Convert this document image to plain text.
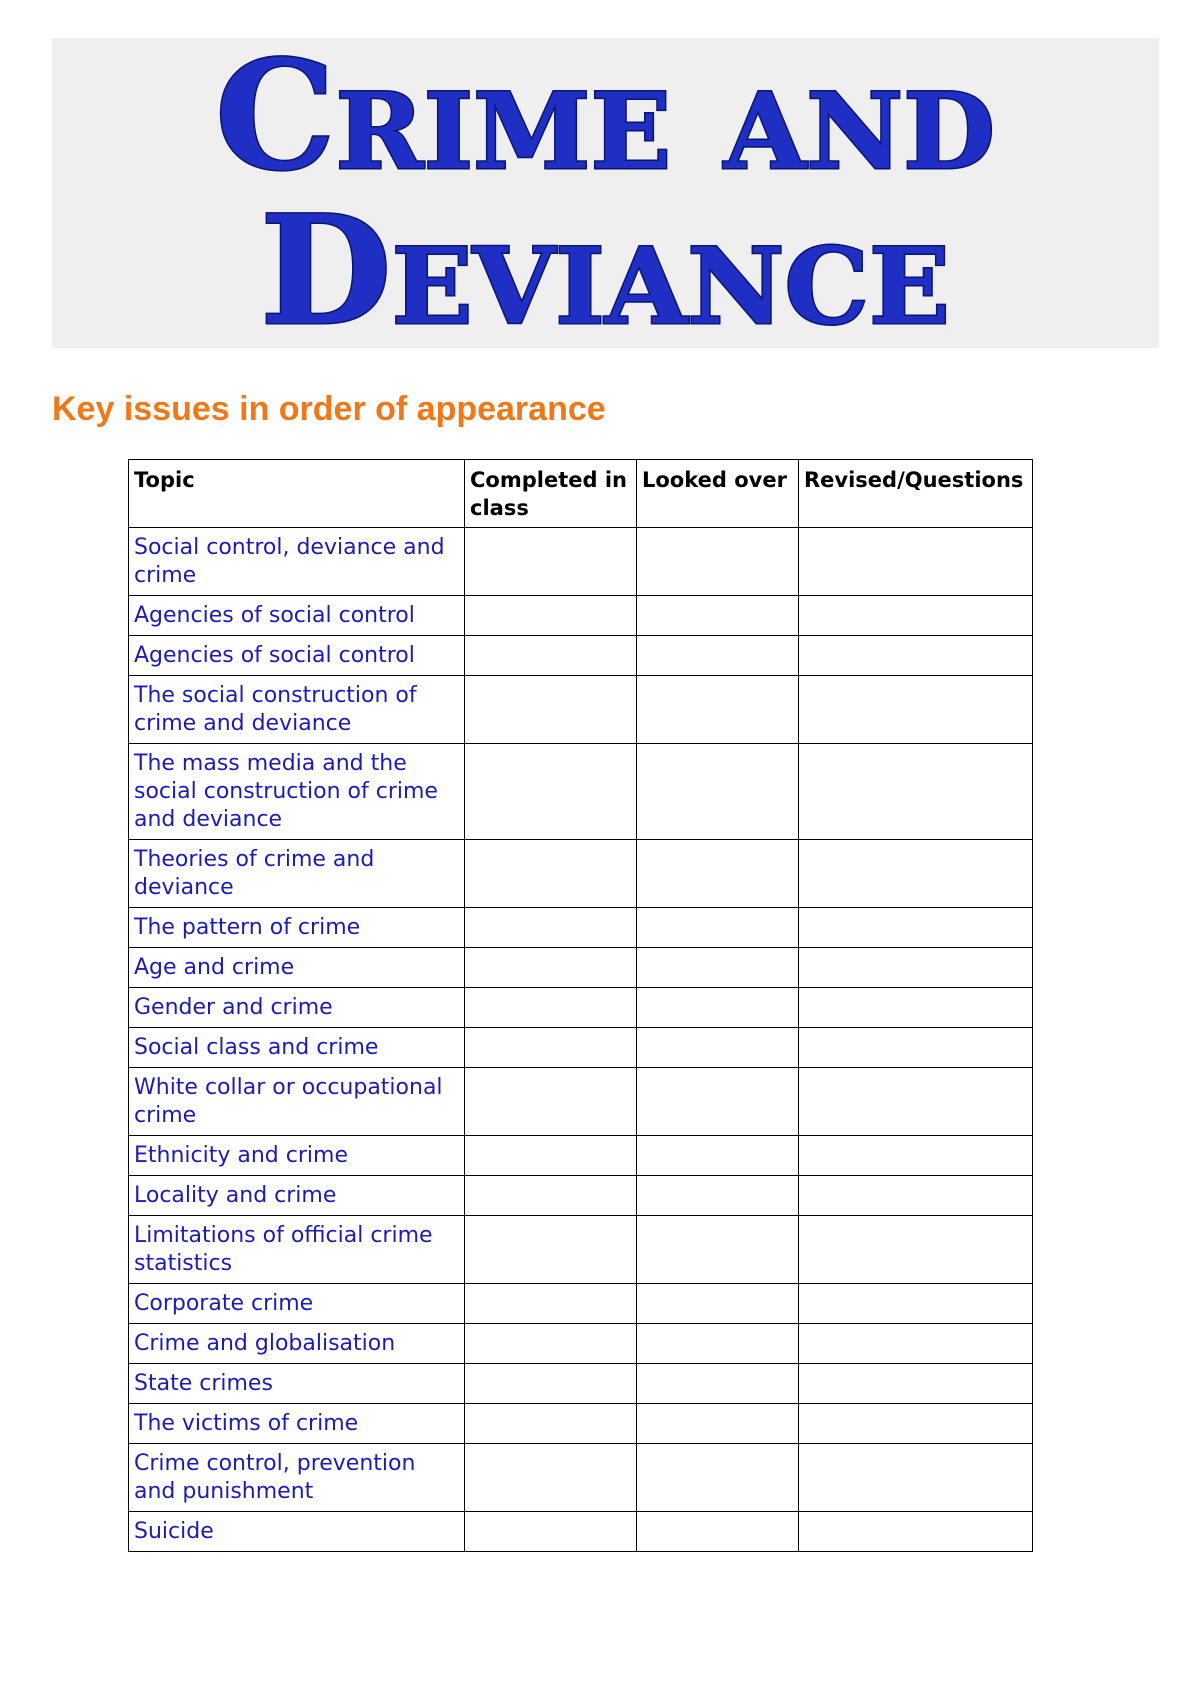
Crime and
Deviance
Key issues in order of appearance
Topic	Completed in class	Looked over	Revised/Questions
Social control, deviance and crime			
Agencies of social control			
Agencies of social control			
The social construction of crime and deviance			
The mass media and the social construction of crime and deviance			
Theories of crime and deviance			
The pattern of crime			
Age and crime			
Gender and crime			
Social class and crime			
White collar or occupational crime			
Ethnicity and crime			
Locality and crime			
Limitations of official crime statistics			
Corporate crime			
Crime and globalisation			
State crimes			
The victims of crime			
Crime control, prevention and punishment			
Suicide			
